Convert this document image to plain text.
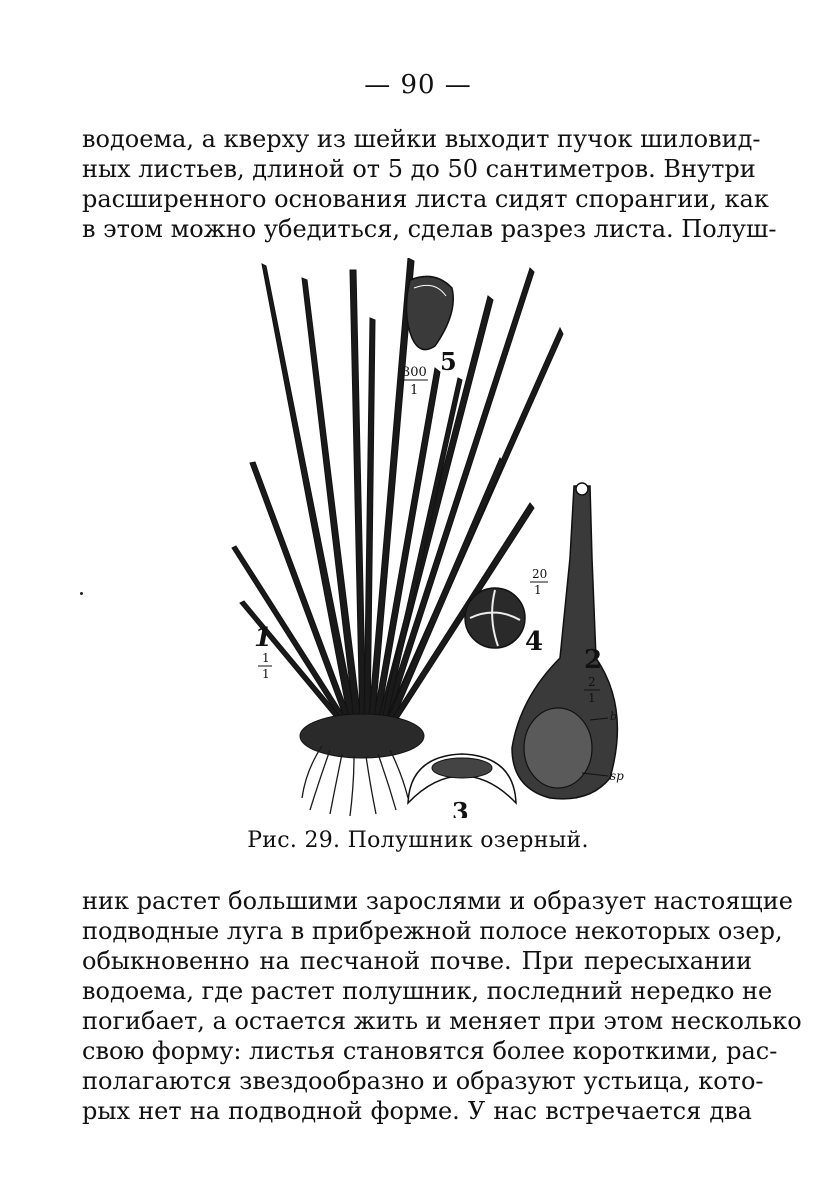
— 90 —
водоема, а кверху из шейки выходит пучок шиловид-
ных листьев, длиной от 5 до 50 сантиметров. Внутри
расширенного основания листа сидят спорангии, как
в этом можно убедиться, сделав разрез листа. Полуш-
1
1
1	2
2
1
3
4
20
1
5
300
1
b
sp
Рис. 29. Полушник озерный.
ник растет большими зарослями и образует настоящие
подводные луга в прибрежной полосе некоторых озер,
обыкновенно на песчаной почве. При пересыхании
водоема, где растет полушник, последний нередко не
погибает, а остается жить и меняет при этом несколько
свою форму: листья становятся более короткими, рас-
полагаются звездообразно и образуют устьица, кото-
рых нет на подводной форме. У нас встречается два
